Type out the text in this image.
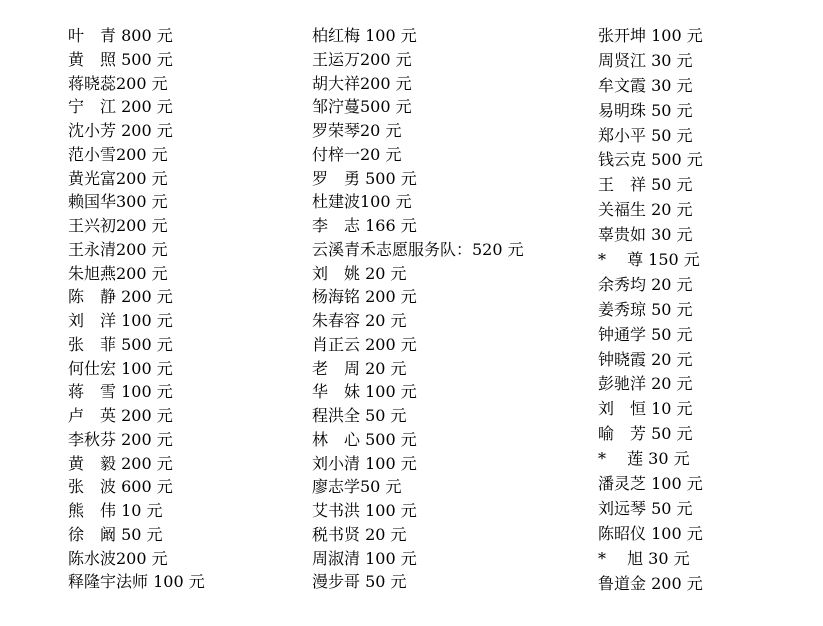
叶　青 800 元
黄　照 500 元
蒋晓蕊200 元
宁　江 200 元
沈小芳 200 元
范小雪200 元
黄光富200 元
赖国华300 元
王兴初200 元
王永清200 元
朱旭燕200 元
陈　静 200 元
刘　洋 100 元
张　菲 500 元
何仕宏 100 元
蒋　雪 100 元
卢　英 200 元
李秋芬 200 元
黄　毅 200 元
张　波 600 元
熊　伟 10 元
徐　阚 50 元
陈水波200 元
释隆宇法师 100 元
柏红梅 100 元
王运万200 元
胡大祥200 元
邹泞蔓500 元
罗荣琴20 元
付梓一20 元
罗　勇 500 元
杜建波100 元
李　志 166 元
云溪青禾志愿服务队：520 元
刘　姚 20 元
杨海铭 200 元
朱春容 20 元
肖正云 200 元
老　周 20 元
华　妹 100 元
程洪全 50 元
林　心 500 元
刘小清 100 元
廖志学50 元
艾书洪 100 元
税书贤 20 元
周淑清 100 元
漫步哥 50 元
张开坤 100 元
周贤江 30 元
牟文霞 30 元
易明珠 50 元
郑小平 50 元
钱云克 500 元
王　祥 50 元
关福生 20 元
辜贵如 30 元
*　 尊 150 元
余秀均 20 元
姜秀琼 50 元
钟通学 50 元
钟晓霞 20 元
彭驰洋 20 元
刘　恒 10 元
喻　芳 50 元
*　 莲 30 元
潘灵芝 100 元
刘远琴 50 元
陈昭仪 100 元
*　 旭 30 元
鲁道金 200 元
